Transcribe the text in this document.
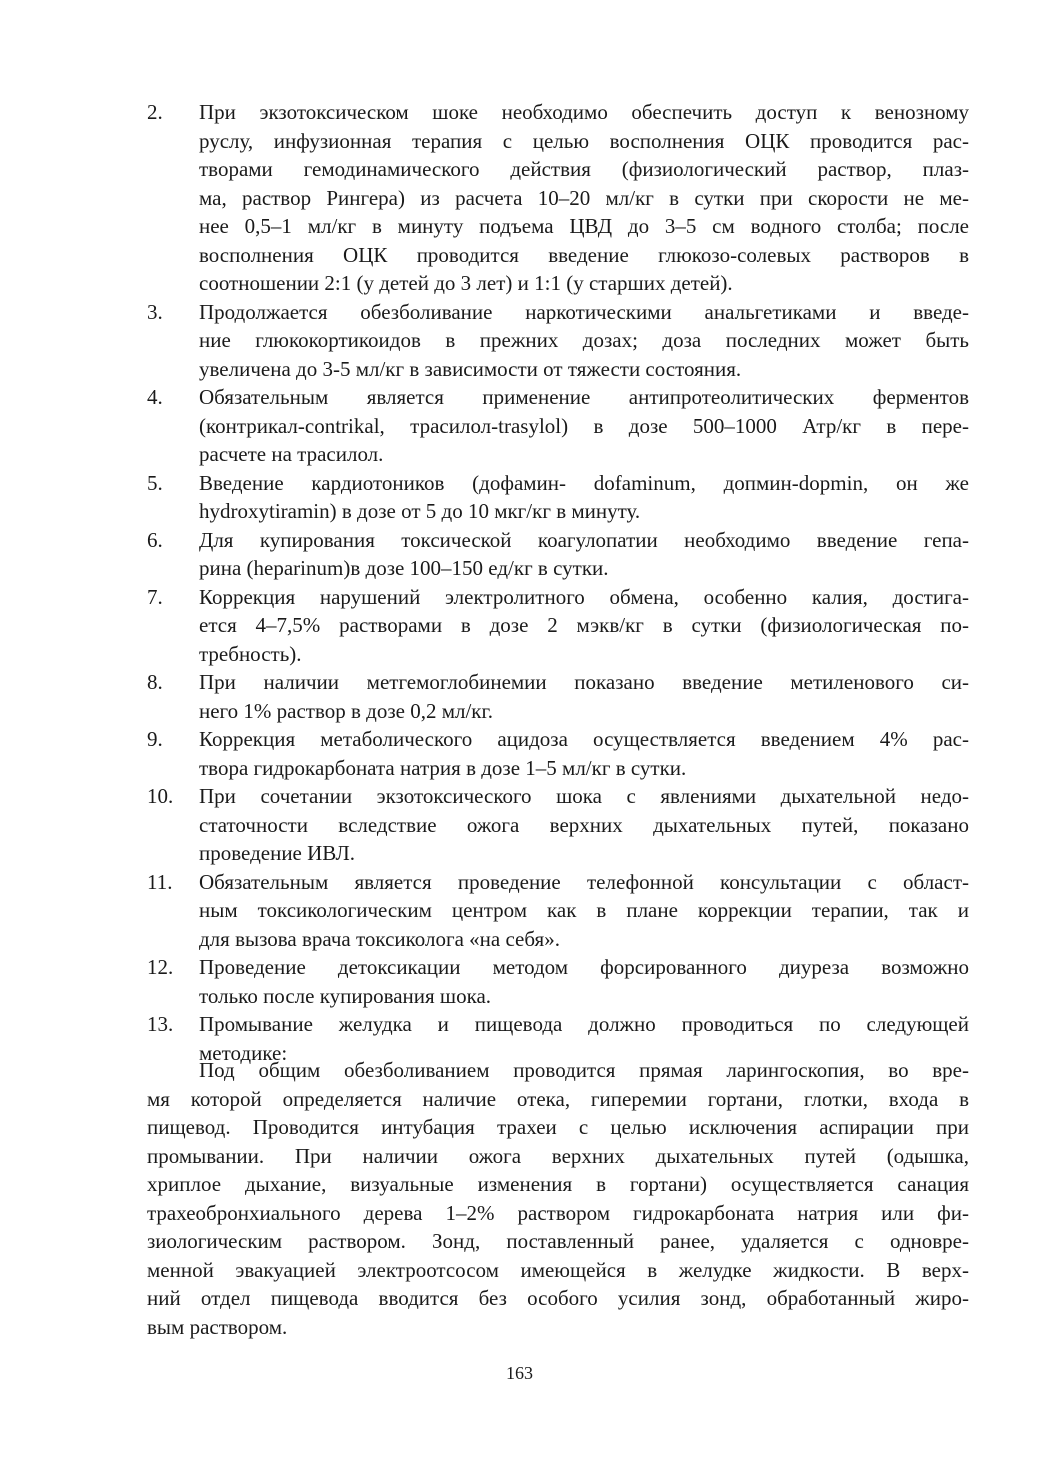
2. При экзотоксическом шоке необходимо обеспечить доступ к венозному
руслу, инфузионная терапия с целью восполнения ОЦК проводится рас-
творами гемодинамического действия (физиологический раствор, плаз-
ма, раствор Рингера) из расчета 10–20 мл/кг в сутки при скорости не ме-
нее 0,5–1 мл/кг в минуту подъема ЦВД до 3–5 см водного столба; после
восполнения ОЦК проводится введение глюкозо-солевых растворов в
соотношении 2:1 (у детей до 3 лет) и 1:1 (у старших детей).
3. Продолжается обезболивание наркотическими анальгетиками и введе-
ние глюкокортикоидов в прежних дозах; доза последних может быть
увеличена до 3-5 мл/кг в зависимости от тяжести состояния.
4. Обязательным является применение антипротеолитических ферментов
(контрикал-contrikal, трасилол-trasylol) в дозе 500–1000 Атр/кг в пере-
расчете на трасилол.
5. Введение кардиотоников (дофамин- dofaminum, допмин-dopmin, он же
hydroxytiramin) в дозе от 5 до 10 мкг/кг в минуту.
6. Для купирования токсической коагулопатии необходимо введение гепа-
рина (heparinum)в дозе 100–150 ед/кг в сутки.
7. Коррекция нарушений электролитного обмена, особенно калия, достига-
ется 4–7,5% растворами в дозе 2 мэкв/кг в сутки (физиологическая по-
требность).
8. При наличии метгемоглобинемии показано введение метиленового си-
него 1% раствор в дозе 0,2 мл/кг.
9. Коррекция метаболического ацидоза осуществляется введением 4% рас-
твора гидрокарбоната натрия в дозе 1–5 мл/кг в сутки.
10. При сочетании экзотоксического шока с явлениями дыхательной недо-
статочности вследствие ожога верхних дыхательных путей, показано
проведение ИВЛ.
11. Обязательным является проведение телефонной консультации с област-
ным токсикологическим центром как в плане коррекции терапии, так и
для вызова врача токсиколога «на себя».
12. Проведение детоксикации методом форсированного диуреза возможно
только после купирования шока.
13. Промывание желудка и пищевода должно проводиться по следующей
методике:
Под общим обезболиванием проводится прямая ларингоскопия, во вре-
мя которой определяется наличие отека, гиперемии гортани, глотки, входа в
пищевод. Проводится интубация трахеи с целью исключения аспирации при
промывании. При наличии ожога верхних дыхательных путей (одышка,
хриплое дыхание, визуальные изменения в гортани) осуществляется санация
трахеобронхиального дерева 1–2% раствором гидрокарбоната натрия или фи-
зиологическим раствором. Зонд, поставленный ранее, удаляется с одновре-
менной эвакуацией электроотсосом имеющейся в желудке жидкости. В верх-
ний отдел пищевода вводится без особого усилия зонд, обработанный жиро-
вым раствором.
163
